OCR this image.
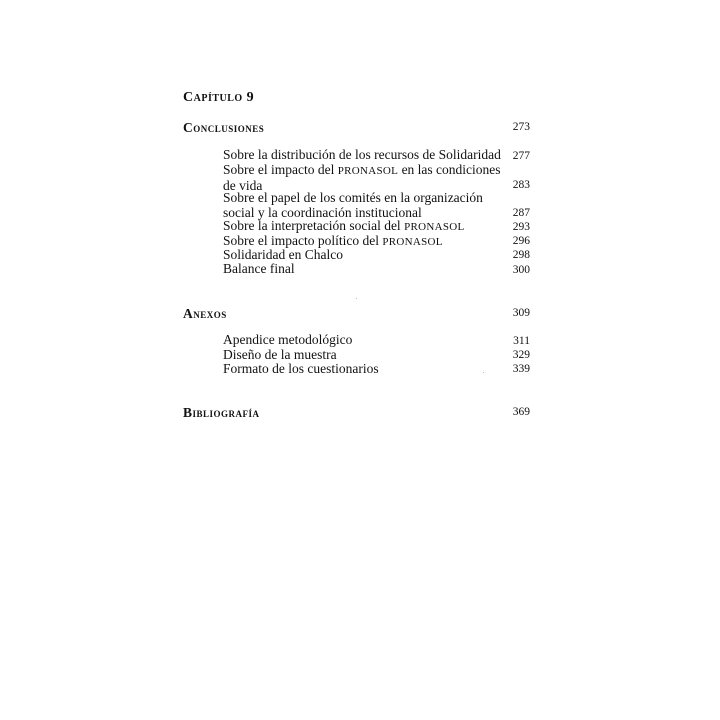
Capítulo 9
Conclusiones	273
Sobre la distribución de los recursos de Solidaridad	277
Sobre el impacto del PRONASOL en las condiciones de vida	283
Sobre el papel de los comités en la organización social y la coordinación institucional	287
Sobre la interpretación social del PRONASOL	293
Sobre el impacto político del PRONASOL	296
Solidaridad en Chalco	298
Balance final	300
Anexos	309
Apendice metodológico	311
Diseño de la muestra	329
Formato de los cuestionarios	339
Bibliografía	369
